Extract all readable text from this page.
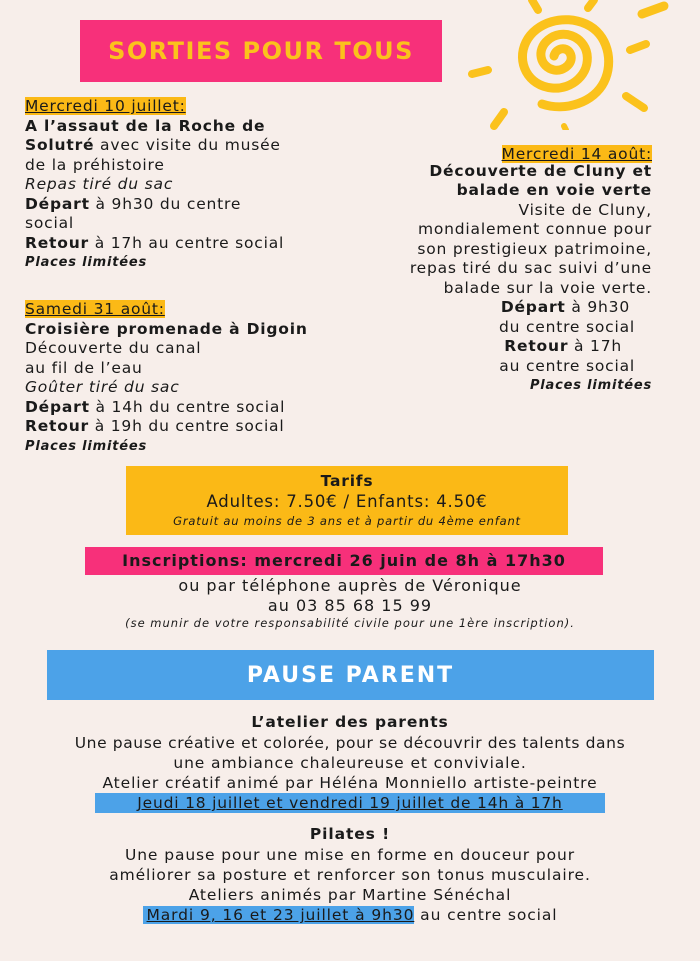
SORTIES POUR TOUS
Mercredi 10 juillet:
A l’assaut de la Roche de
Solutré avec visite du musée
de la préhistoire
Repas tiré du sac
Départ à 9h30 du centre
social
Retour à 17h au centre social
Places limitées
Samedi 31 août:
Croisière promenade à Digoin
Découverte du canal
au fil de l’eau
Goûter tiré du sac
Départ à 14h du centre social
Retour à 19h du centre social
Places limitées
Mercredi 14 août:
Découverte de Cluny et
balade en voie verte
Visite de Cluny,
mondialement connue pour
son prestigieux patrimoine,
repas tiré du sac suivi d’une
balade sur la voie verte.
Départ à 9h30
du centre social
Retour à 17h
au centre social
Places limitées
Tarifs
Adultes: 7.50€ / Enfants: 4.50€
Gratuit au moins de 3 ans et à partir du 4ème enfant
Inscriptions: mercredi 26 juin de 8h à 17h30
ou par téléphone auprès de Véronique
au 03 85 68 15 99
(se munir de votre responsabilité civile pour une 1ère inscription).
PAUSE PARENT
L’atelier des parents
Une pause créative et colorée, pour se découvrir des talents dans
une ambiance chaleureuse et conviviale.
Atelier créatif animé par Héléna Monniello artiste-peintre
Jeudi 18 juillet et vendredi 19 juillet de 14h à 17h
Pilates !
Une pause pour une mise en forme en douceur pour
améliorer sa posture et renforcer son tonus musculaire.
Ateliers animés par Martine Sénéchal
Mardi 9, 16 et 23 juillet à 9h30 au centre social
